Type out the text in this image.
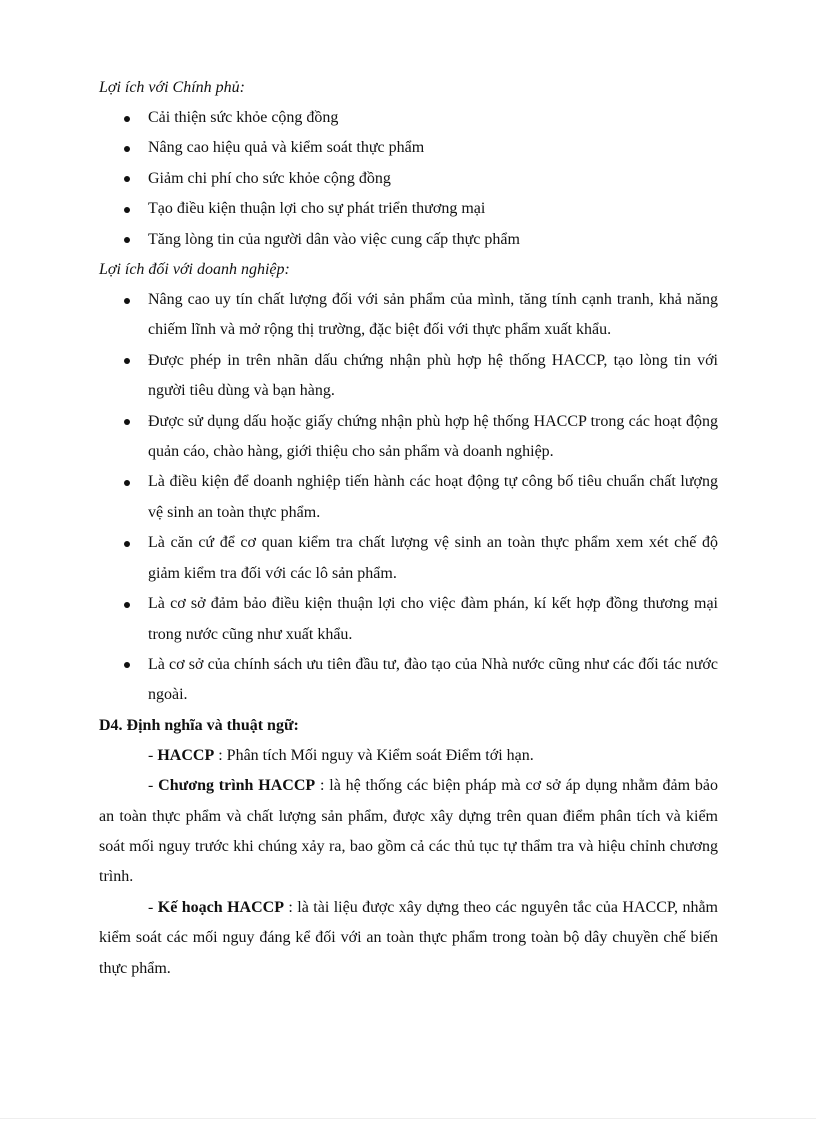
Lợi ích với Chính phủ:
Cải thiện sức khỏe cộng đồng
Nâng cao hiệu quả và kiểm soát thực phẩm
Giảm chi phí cho sức khỏe cộng đồng
Tạo điều kiện thuận lợi cho sự phát triển thương mại
Tăng lòng tin của người dân vào việc cung cấp thực phẩm
Lợi ích đối với doanh nghiệp:
Nâng cao uy tín chất lượng đối với sản phẩm của mình, tăng tính cạnh tranh, khả năng chiếm lĩnh và mở rộng thị trường, đặc biệt đối với thực phẩm xuất khẩu.
Được phép in trên nhãn dấu chứng nhận phù hợp hệ thống HACCP, tạo lòng tin với người tiêu dùng và bạn hàng.
Được sử dụng dấu hoặc giấy chứng nhận phù hợp hệ thống HACCP trong các hoạt động quản cáo, chào hàng, giới thiệu cho sản phẩm và doanh nghiệp.
Là điều kiện để doanh nghiệp tiến hành các hoạt động tự công bố tiêu chuẩn chất lượng vệ sinh an toàn thực phẩm.
Là căn cứ để cơ quan kiểm tra chất lượng vệ sinh an toàn thực phẩm xem xét chế độ giảm kiểm tra đối với các lô sản phẩm.
Là cơ sở đảm bảo điều kiện thuận lợi cho việc đàm phán, kí kết hợp đồng thương mại trong nước cũng như xuất khẩu.
Là cơ sở của chính sách ưu tiên đầu tư, đào tạo của Nhà nước cũng như các đối tác nước ngoài.
D4. Định nghĩa và thuật ngữ:

- HACCP : Phân tích Mối nguy và Kiểm soát Điểm tới hạn.

- Chương trình HACCP : là hệ thống các biện pháp mà cơ sở áp dụng nhằm đảm bảo an toàn thực phẩm và chất lượng sản phẩm, được xây dựng trên quan điểm phân tích và kiểm soát mối nguy trước khi chúng xảy ra, bao gồm cả các thủ tục tự thẩm tra và hiệu chỉnh chương trình.

- Kế hoạch HACCP : là tài liệu được xây dựng theo các nguyên tắc của HACCP, nhằm kiểm soát các mối nguy đáng kể đối với an toàn thực phẩm trong toàn bộ dây chuyền chế biến thực phẩm.
